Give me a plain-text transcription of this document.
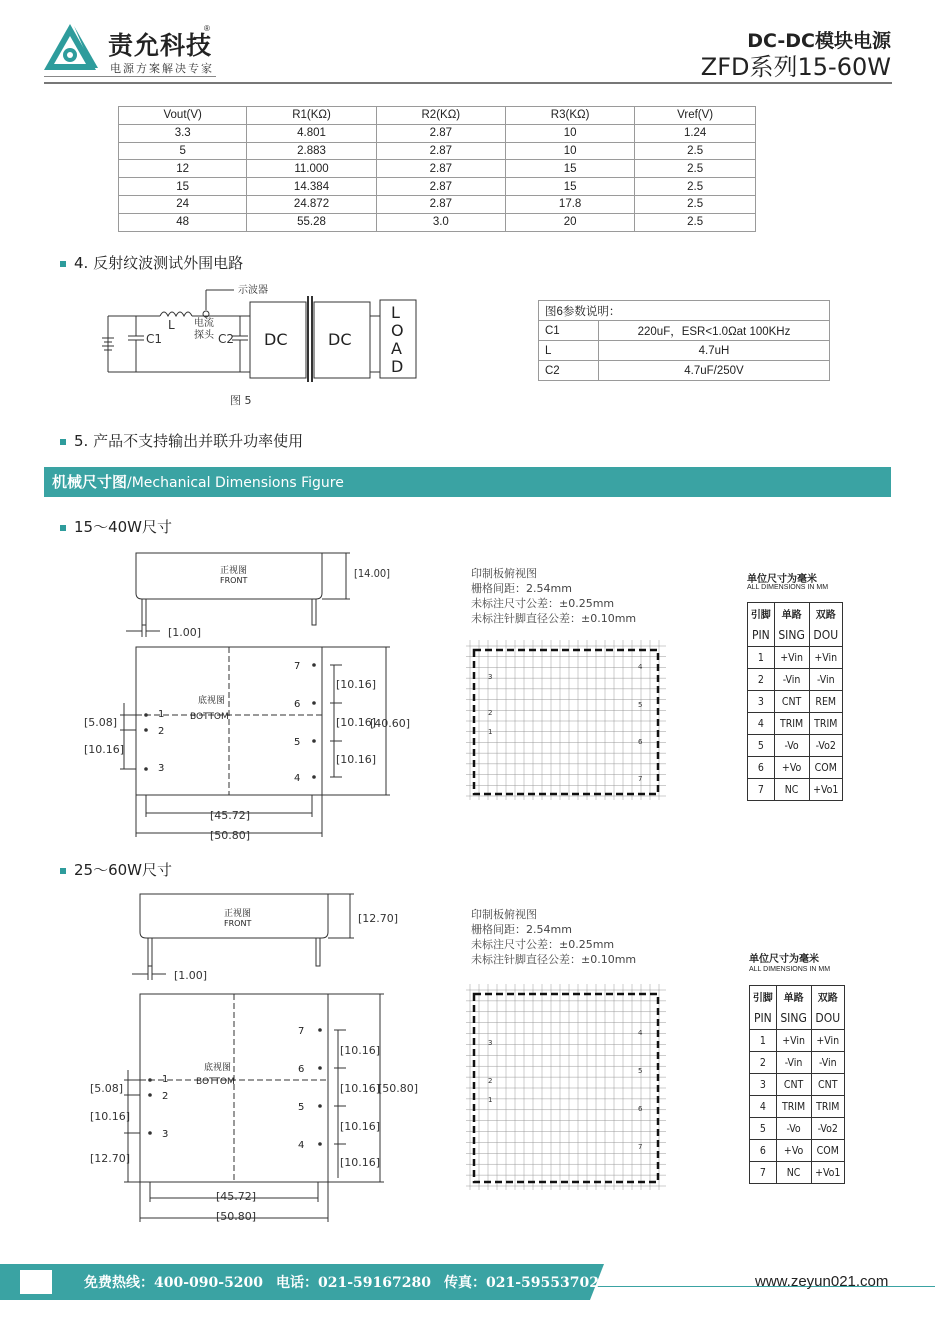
责允科技
®
电源方案解决专家
DC-DC模块电源
ZFD系列15-60W
Vout(V)	R1(KΩ)	R2(KΩ)	R3(KΩ)	Vref(V)
3.3	4.801	2.87	10	1.24
5	2.883	2.87	10	2.5
12	11.000	2.87	15	2.5
15	14.384	2.87	15	2.5
24	24.872	2.87	17.8	2.5
48	55.28	3.0	20	2.5
4. 反射纹波测试外围电路
示波器
L 电流
探头
C1	C2 DC	DC
L
O
A
D
图 5
图6参数说明：	
C1	220uF，ESR<1.0Ωat 100KHz
L	4.7uH
C2	4.7uF/250V
5. 产品不支持输出并联升功率使用
机械尺寸图/Mechanical Dimensions Figure
15～40W尺寸
正视图
FRONT
底视图
BOTTOM
1
2
3
7
6
5
4
[14.00]
[1.00]
[5.08]
[10.16]
[10.16]
[10.16]
[10.16]
[40.60]
[45.72]
[50.80]
印制板俯视图
栅格间距：2.54mm
未标注尺寸公差：±0.25mm
未标注针脚直径公差：±0.10mm
3
2
1
4
5
6
7
单位尺寸为毫米
ALL DIMENSIONS IN MM
引脚	单路	双路
PIN	SING	DOU
1	+Vin	+Vin
2	-Vin	-Vin
3	CNT	REM
4	TRIM	TRIM
5	-Vo	-Vo2
6	+Vo	COM
7	NC	+Vo1
25～60W尺寸
正视图
FRONT
底视图
BOTTOM
1
2
3
7
6
5
4
[12.70]
[1.00]
[5.08]
[10.16]
[12.70]
[10.16]
[10.16]
[10.16]
[10.16]
[50.80]
[45.72]
[50.80]
印制板俯视图
栅格间距：2.54mm
未标注尺寸公差：±0.25mm
未标注针脚直径公差：±0.10mm
3
2
1
4
5
6
7
单位尺寸为毫米
ALL DIMENSIONS IN MM
引脚	单路	双路
PIN	SING	DOU
1	+Vin	+Vin
2	-Vin	-Vin
3	CNT	CNT
4	TRIM	TRIM
5	-Vo	-Vo2
6	+Vo	COM
7	NC	+Vo1
免费热线：400-090-5200 电话：021-59167280 传真：021-59553702	www.zeyun021.com
